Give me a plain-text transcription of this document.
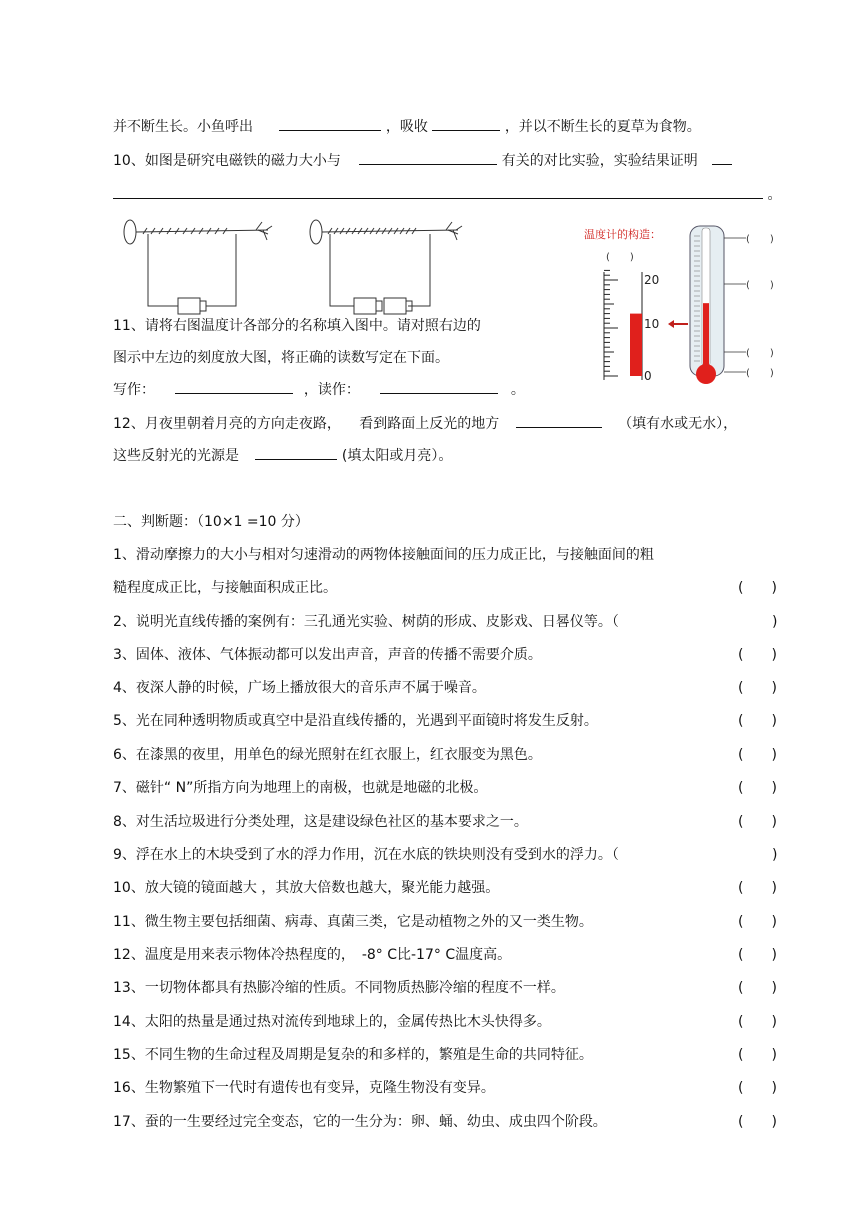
并不断生长。小鱼呼出	，吸收	，并以不断生长的夏草为食物。
10、如图是研究电磁铁的磁力大小与	有关的对比实验，实验结果证明
。
温度计的构造：
(　　)
20
10
0
(　　)
(　　)
(　　)
(　　)
11、请将右图温度计各部分的名称填入图中。请对照右边的
图示中左边的刻度放大图，将正确的读数写定在下面。
写作：	，读作：	。
12、月夜里朝着月亮的方向走夜路， 看到路面上反光的地方	（填有水或无水），
这些反射光的光源是	(填太阳或月亮）。
二、判断题：（10×1 =10 分）
1、滑动摩擦力的大小与相对匀速滑动的两物体接触面间的压力成正比，与接触面间的粗
糙程度成正比，与接触面积成正比。	(　　)
2、说明光直线传播的案例有：三孔通光实验、树荫的形成、皮影戏、日晷仪等。（	)
3、固体、液体、气体振动都可以发出声音，声音的传播不需要介质。	(　　)
4、夜深人静的时候，广场上播放很大的音乐声不属于噪音。	(　　)
5、光在同种透明物质或真空中是沿直线传播的，光遇到平面镜时将发生反射。	(　　)
6、在漆黑的夜里，用单色的绿光照射在红衣服上，红衣服变为黑色。	(　　)
7、磁针“ N”所指方向为地理上的南极，也就是地磁的北极。	(　　)
8、对生活垃圾进行分类处理，这是建设绿色社区的基本要求之一。	(　　)
9、浮在水上的木块受到了水的浮力作用，沉在水底的铁块则没有受到水的浮力。（	)
10、放大镜的镜面越大 ，其放大倍数也越大，聚光能力越强。	(　　)
11、微生物主要包括细菌、病毒、真菌三类，它是动植物之外的又一类生物。	(　　)
12、温度是用来表示物体冷热程度的，　-8° C比-17° C温度高。	(　　)
13、一切物体都具有热膨冷缩的性质。不同物质热膨冷缩的程度不一样。	(　　)
14、太阳的热量是通过热对流传到地球上的，金属传热比木头快得多。	(　　)
15、不同生物的生命过程及周期是复杂的和多样的，繁殖是生命的共同特征。	(　　)
16、生物繁殖下一代时有遗传也有变异，克隆生物没有变异。	(　　)
17、蚕的一生要经过完全变态，它的一生分为：卵、蛹、幼虫、成虫四个阶段。	(　　)
